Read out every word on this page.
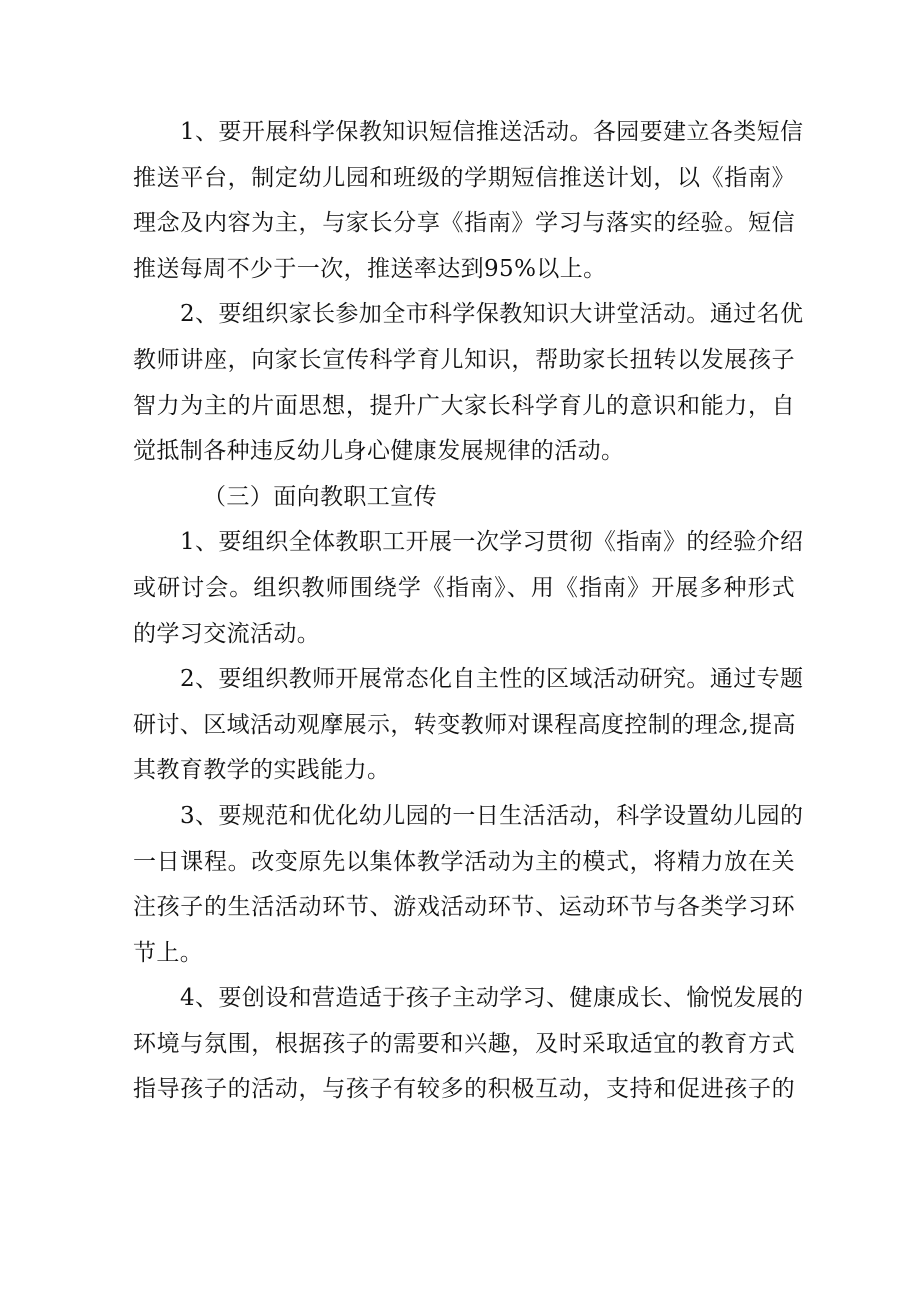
1、要开展科学保教知识短信推送活动。各园要建立各类短信
推送平台，制定幼儿园和班级的学期短信推送计划，以《指南》
理念及内容为主，与家长分享《指南》学习与落实的经验。短信
推送每周不少于一次，推送率达到95%以上。

2、要组织家长参加全市科学保教知识大讲堂活动。通过名优
教师讲座，向家长宣传科学育儿知识，帮助家长扭转以发展孩子
智力为主的片面思想，提升广大家长科学育儿的意识和能力，自
觉抵制各种违反幼儿身心健康发展规律的活动。

（三）面向教职工宣传

1、要组织全体教职工开展一次学习贯彻《指南》的经验介绍
或研讨会。组织教师围绕学《指南》、用《指南》开展多种形式
的学习交流活动。

2、要组织教师开展常态化自主性的区域活动研究。通过专题
研讨、区域活动观摩展示，转变教师对课程高度控制的理念,提高
其教育教学的实践能力。

3、要规范和优化幼儿园的一日生活活动，科学设置幼儿园的
一日课程。改变原先以集体教学活动为主的模式，将精力放在关
注孩子的生活活动环节、游戏活动环节、运动环节与各类学习环
节上。

4、要创设和营造适于孩子主动学习、健康成长、愉悦发展的
环境与氛围，根据孩子的需要和兴趣，及时采取适宜的教育方式
指导孩子的活动，与孩子有较多的积极互动，支持和促进孩子的
